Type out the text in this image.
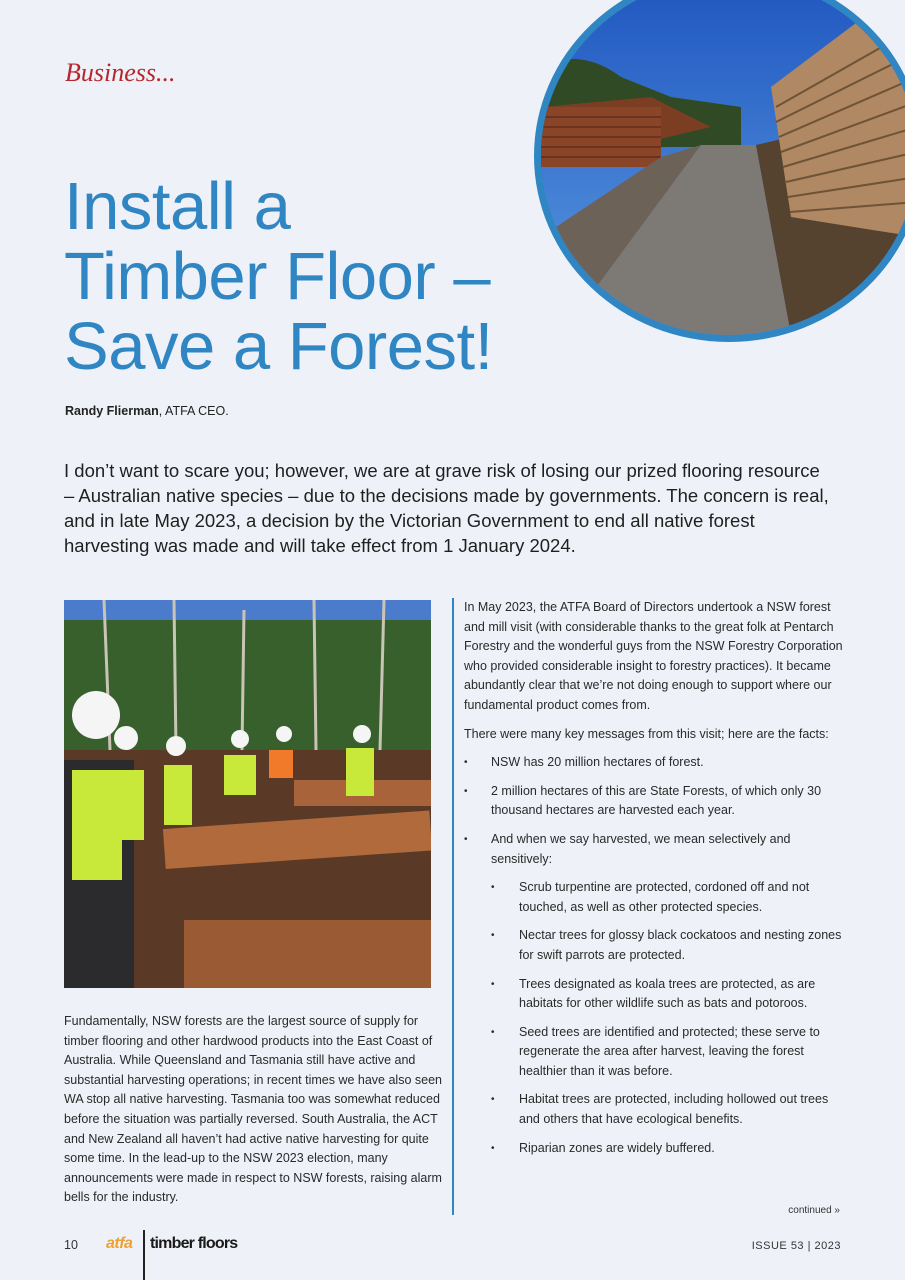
Business...
Install a
Timber Floor –
Save a Forest!
Randy Flierman, ATFA CEO.

I don’t want to scare you; however, we are at grave risk of losing our prized flooring resource – Australian native species – due to the decisions made by governments. The concern is real, and in late May 2023, a decision by the Victorian Government to end all native forest harvesting was made and will take effect from 1 January 2024.

Fundamentally, NSW forests are the largest source of supply for timber flooring and other hardwood products into the East Coast of Australia. While Queensland and Tasmania still have active and substantial harvesting operations; in recent times we have also seen WA stop all native harvesting. Tasmania too was somewhat reduced before the situation was partially reversed. South Australia, the ACT and New Zealand all haven’t had active native harvesting for quite some time. In the lead-up to the NSW 2023 election, many announcements were made in respect to NSW forests, raising alarm bells for the industry.

In May 2023, the ATFA Board of Directors undertook a NSW forest and mill visit (with considerable thanks to the great folk at Pentarch Forestry and the wonderful guys from the NSW Forestry Corporation who provided considerable insight to forestry practices). It became abundantly clear that we’re not doing enough to support where our fundamental product comes from.

There were many key messages from this visit; here are the facts:

• NSW has 20 million hectares of forest.
• 2 million hectares of this are State Forests, of which only 30 thousand hectares are harvested each year.
• And when we say harvested, we mean selectively and sensitively:
• Scrub turpentine are protected, cordoned off and not touched, as well as other protected species.
• Nectar trees for glossy black cockatoos and nesting zones for swift parrots are protected.
• Trees designated as koala trees are protected, as are habitats for other wildlife such as bats and potoroos.
• Seed trees are identified and protected; these serve to regenerate the area after harvest, leaving the forest healthier than it was before.
• Habitat trees are protected, including hollowed out trees and others that have ecological benefits.
• Riparian zones are widely buffered.
continued »
10 atfa timber floors	ISSUE 53 | 2023
